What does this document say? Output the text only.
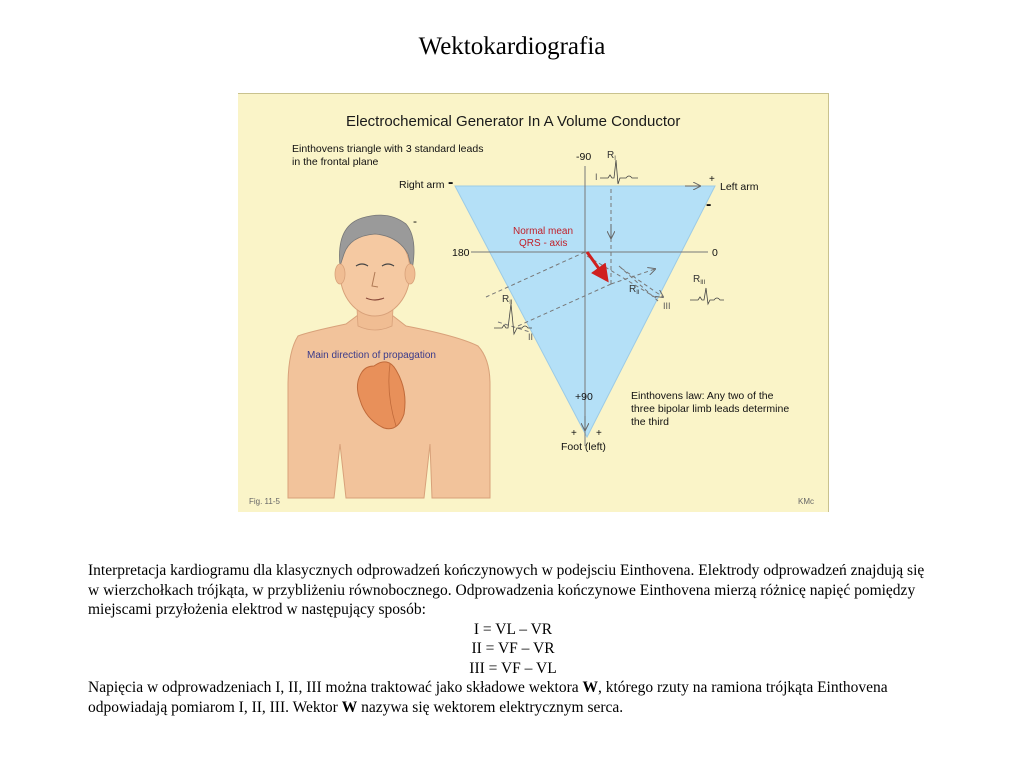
Wektokardiografia
Electrochemical Generator In A Volume Conductor
Einthovens triangle with 3 standard leads
in the frontal plane	-90
180	0
+90
Right arm -	Left arm
+
-
-
+ +
Foot (left)
Normal mean
QRS - axis
I
II
III
$R_I$
$R_{II}$
$R_{III}$
$R_{II}$
Einthovens law: Any two of the
three bipolar limb leads determine
the third
Main direction of propagation
Fig. 11-5	KMc

Interpretacja kardiogramu dla klasycznych odprowadzeń kończynowych w podejsciu Einthovena. Elektrody odprowadzeń znajdują się w wierzchołkach trójkąta, w przybliżeniu równobocznego. Odprowadzenia kończynowe Einthovena mierzą różnicę napięć pomiędzy miejscami przyłożenia elektrod w następujący sposób:

I = VL – VR

II = VF – VR

III = VF – VL

Napięcia w odprowadzeniach I, II, III można traktować jako składowe wektora W, którego rzuty na ramiona trójkąta Einthovena odpowiadają pomiarom I, II, III. Wektor W nazywa się wektorem elektrycznym serca.
